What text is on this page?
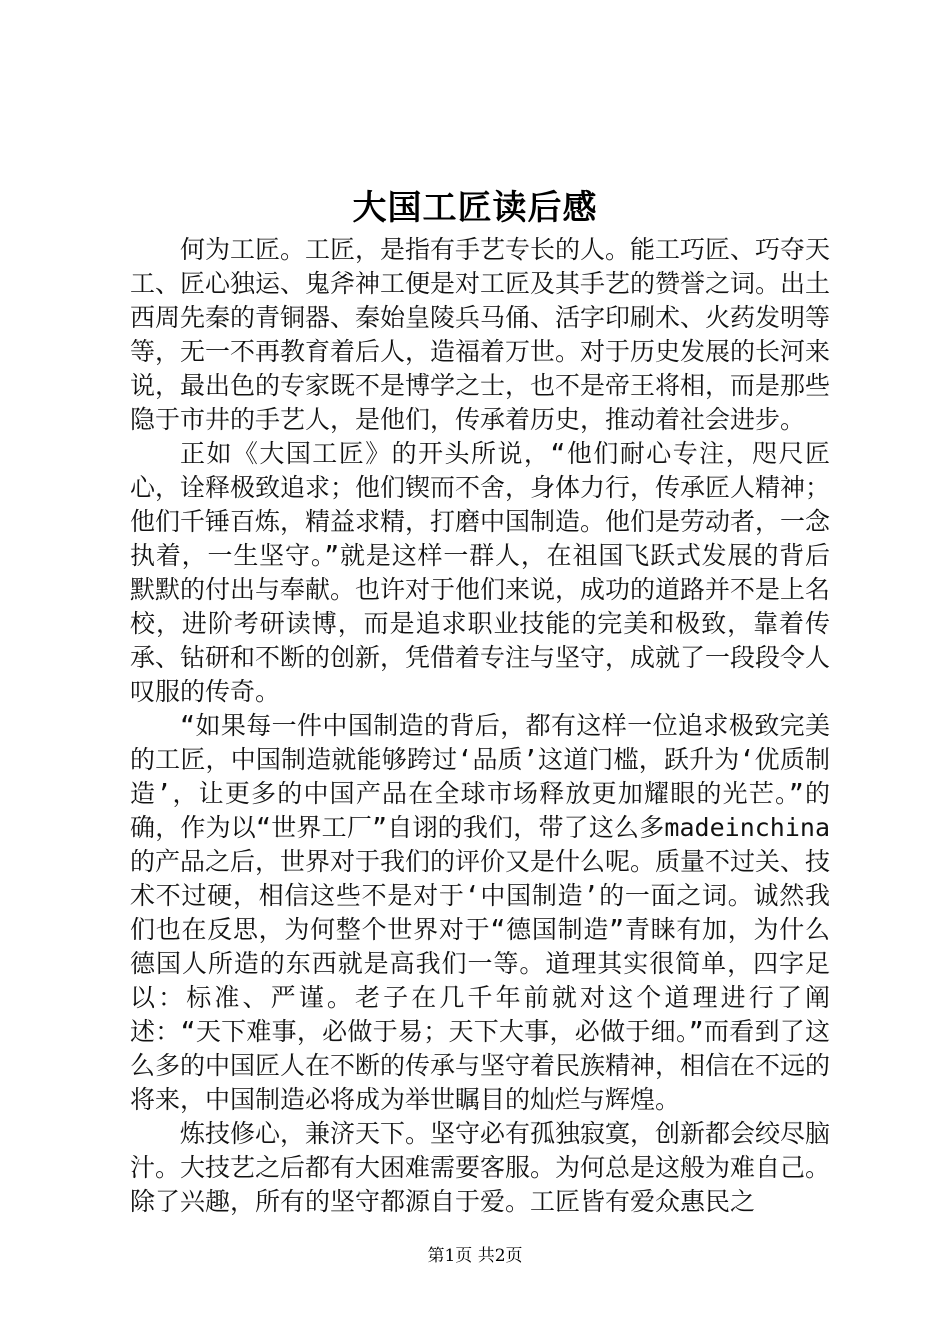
大国工匠读后感

何为工匠。工匠，是指有手艺专长的人。能工巧匠、巧夺天工、匠心独运、鬼斧神工便是对工匠及其手艺的赞誉之词。出土西周先秦的青铜器、秦始皇陵兵马俑、活字印刷术、火药发明等等，无一不再教育着后人，造福着万世。对于历史发展的长河来说，最出色的专家既不是博学之士，也不是帝王将相，而是那些隐于市井的手艺人，是他们，传承着历史，推动着社会进步。

正如《大国工匠》的开头所说，“他们耐心专注，咫尺匠心，诠释极致追求；他们锲而不舍，身体力行，传承匠人精神；他们千锤百炼，精益求精，打磨中国制造。他们是劳动者，一念执着，一生坚守。”就是这样一群人，在祖国飞跃式发展的背后默默的付出与奉献。也许对于他们来说，成功的道路并不是上名校，进阶考研读博，而是追求职业技能的完美和极致，靠着传承、钻研和不断的创新，凭借着专注与坚守，成就了一段段令人叹服的传奇。

“如果每一件中国制造的背后，都有这样一位追求极致完美的工匠，中国制造就能够跨过‘品质’这道门槛，跃升为‘优质制造’，让更多的中国产品在全球市场释放更加耀眼的光芒。”的确，作为以“世界工厂”自诩的我们，带了这么多madeinchina的产品之后，世界对于我们的评价又是什么呢。质量不过关、技术不过硬，相信这些不是对于‘中国制造’的一面之词。诚然我们也在反思，为何整个世界对于“德国制造”青睐有加，为什么德国人所造的东西就是高我们一等。道理其实很简单，四字足以：标准、严谨。老子在几千年前就对这个道理进行了阐述：“天下难事，必做于易；天下大事，必做于细。”而看到了这么多的中国匠人在不断的传承与坚守着民族精神，相信在不远的将来，中国制造必将成为举世瞩目的灿烂与辉煌。

炼技修心，兼济天下。坚守必有孤独寂寞，创新都会绞尽脑汁。大技艺之后都有大困难需要客服。为何总是这般为难自己。除了兴趣，所有的坚守都源自于爱。工匠皆有爱众惠民之

第1页 共2页
